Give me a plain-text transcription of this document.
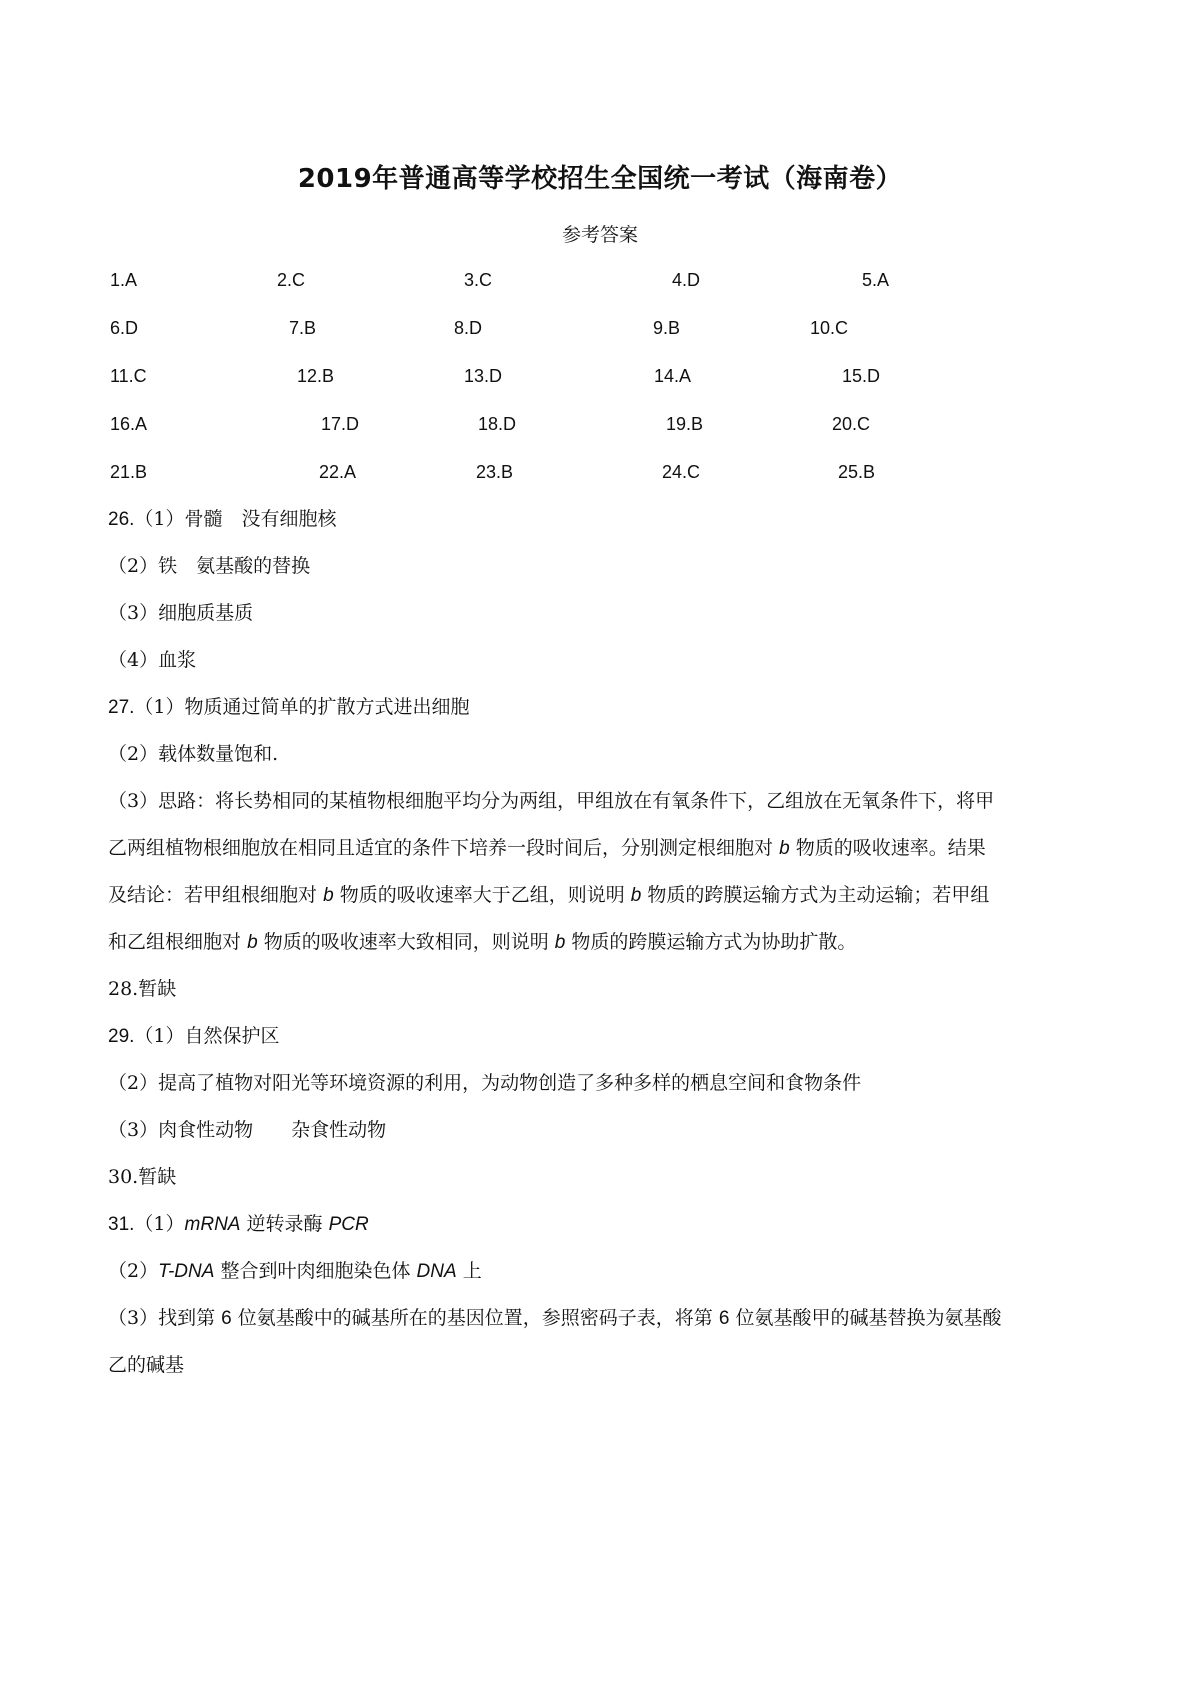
2019年普通高等学校招生全国统一考试（海南卷）
参考答案
1.A	2.C	3.C	4.D	5.A
6.D	7.B	8.D	9.B	10.C
11.C	12.B	13.D	14.A	15.D
16.A	17.D	18.D	19.B	20.C
21.B	22.A	23.B	24.C	25.B
26.（1）骨髓　 没有细胞核
（2）铁　 氨基酸的替换
（3）细胞质基质
（4）血浆
27.（1）物质通过简单的扩散方式进出细胞
（2）载体数量饱和.
（3）思路：将长势相同的某植物根细胞平均分为两组，甲组放在有氧条件下，乙组放在无氧条件下，将甲
乙两组植物根细胞放在相同且适宜的条件下培养一段时间后，分别测定根细胞对 b 物质的吸收速率。结果
及结论：若甲组根细胞对 b 物质的吸收速率大于乙组，则说明 b 物质的跨膜运输方式为主动运输；若甲组
和乙组根细胞对 b 物质的吸收速率大致相同，则说明 b 物质的跨膜运输方式为协助扩散。
28.暂缺
29.（1）自然保护区
（2）提高了植物对阳光等环境资源的利用，为动物创造了多种多样的栖息空间和食物条件
（3）肉食性动物　　 杂食性动物
30.暂缺
31.（1）mRNA 逆转录酶 PCR
（2）T-DNA 整合到叶肉细胞染色体 DNA 上
（3）找到第 6 位氨基酸中的碱基所在的基因位置，参照密码子表，将第 6 位氨基酸甲的碱基替换为氨基酸
乙的碱基
